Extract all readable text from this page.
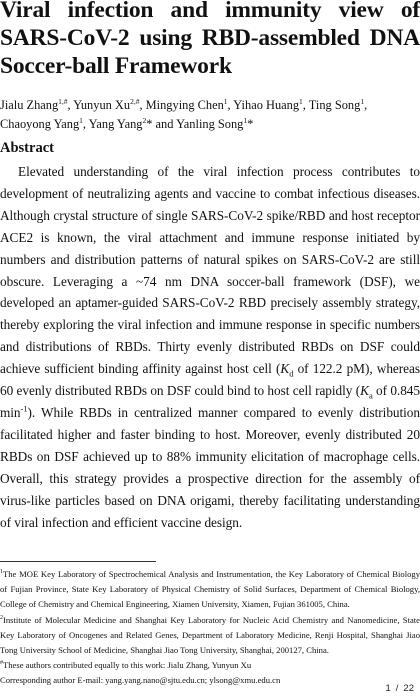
Viral infection and immunity view of SARS-CoV-2 using RBD-assembled DNA Soccer-ball Framework

Jialu Zhang$^{1,\#}$, Yunyun $Xu^{2,\#}$, Mingying Chen$^1$, Yihao Huang$^1$, Ting Song$^1$, Chaoyong Yang$^1$, Yang Yang$^2$* and Yanling Song$^1$*

Abstract

Elevated understanding of the viral infection process contributes to development of neutralizing agents and vaccine to combat infectious diseases. Although crystal structure of single SARS-CoV-2 spike/RBD and host receptor ACE2 is known, the viral attachment and immune response initiated by numbers and distribution patterns of natural spikes on SARS-CoV-2 are still obscure. Leveraging a ~74 nm DNA soccer-ball framework (DSF), we developed an aptamer-guided SARS-CoV-2 RBD precisely assembly strategy, thereby exploring the viral infection and immune response in specific numbers and distributions of RBDs. Thirty evenly distributed RBDs on DSF could achieve sufficient binding affinity against host cell ($K_d$ of 122.2 pM), whereas 60 evenly distributed RBDs on DSF could bind to host cell rapidly ($K_a$ of 0.845 $\min^{-1}$). While RBDs in centralized manner compared to evenly distribution facilitated higher and faster binding to host. Moreover, evenly distributed 20 RBDs on DSF achieved up to 88% immunity elicitation of macrophage cells. Overall, this strategy provides a prospective direction for the assembly of virus-like particles based on DNA origami, thereby facilitating understanding of viral infection and efficient vaccine design.

$^1$The MOE Key Laboratory of Spectrochemical Analysis and Instrumentation, the Key Laboratory of Chemical Biology of Fujian Province, State Key Laboratory of Physical Chemistry of Solid Surfaces, Department of Chemical Biology, College of Chemistry and Chemical Engineering, Xiamen University, Xiamen, Fujian 361005, China.

$^2$Institute of Molecular Medicine and Shanghai Key Laboratory for Nucleic Acid Chemistry and Nanomedicine, State Key Laboratory of Oncogenes and Related Genes, Department of Laboratory Medicine, Renji Hospital, Shanghai Jiao Tong University School of Medicine, Shanghai Jiao Tong University, Shanghai, 200127, China.

#These authors contributed equally to this work: Jialu Zhang, Yunyun Xu

Corresponding author E-mail: yang.yang.nano@sjtu.edu.cn; ylsong@xmu.edu.cn

1 / 22
